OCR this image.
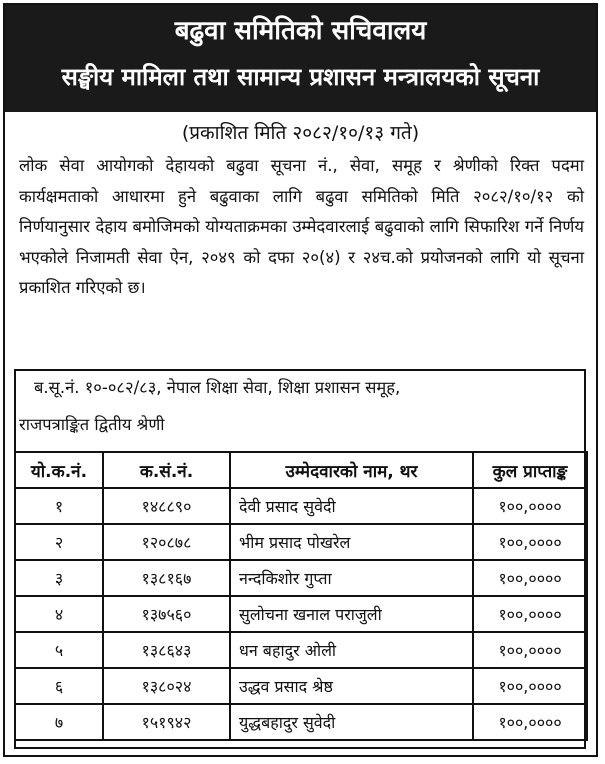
बढुवा समितिको सचिवालय
सङ्घीय मामिला तथा सामान्य प्रशासन मन्त्रालयको सूचना
(प्रकाशित मिति २०८२/१०/१३ गते)
लोक सेवा आयोगको देहायको बढुवा सूचना नं., सेवा, समूह र श्रेणीको रिक्त पदमा कार्यक्षमताको आधारमा हुने बढुवाका लागि बढुवा समितिको मिति २०८२/१०/१२ को निर्णयानुसार देहाय बमोजिमको योग्यताक्रमका उम्मेदवारलाई बढुवाको लागि सिफारिश गर्ने निर्णय भएकोले निजामती सेवा ऐन, २०४९ को दफा २०(४) र २४च.को प्रयोजनको लागि यो सूचना प्रकाशित गरिएको छ।
ब.सू.नं. १०-०८२/८३, नेपाल शिक्षा सेवा, शिक्षा प्रशासन समूह,
राजपत्राङ्कित द्वितीय श्रेणी
यो.क.नं.	क.सं.नं.	उम्मेदवारको नाम, थर	कुल प्राप्ताङ्क
१	१४८८९०	देवी प्रसाद सुवेदी	१००,००००
२	१२०८७८	भीम प्रसाद पोखरेल	१००,००००
३	१३८१६७	नन्दकिशोर गुप्ता	१००,००००
४	१३७५६०	सुलोचना खनाल पराजुली	१००,००००
५	१३८६४३	धन बहादुर ओली	१००,००००
६	१३८०२४	उद्धव प्रसाद श्रेष्ठ	१००,००००
७	१५१९४२	युद्धबहादुर सुवेदी	१००,००००
